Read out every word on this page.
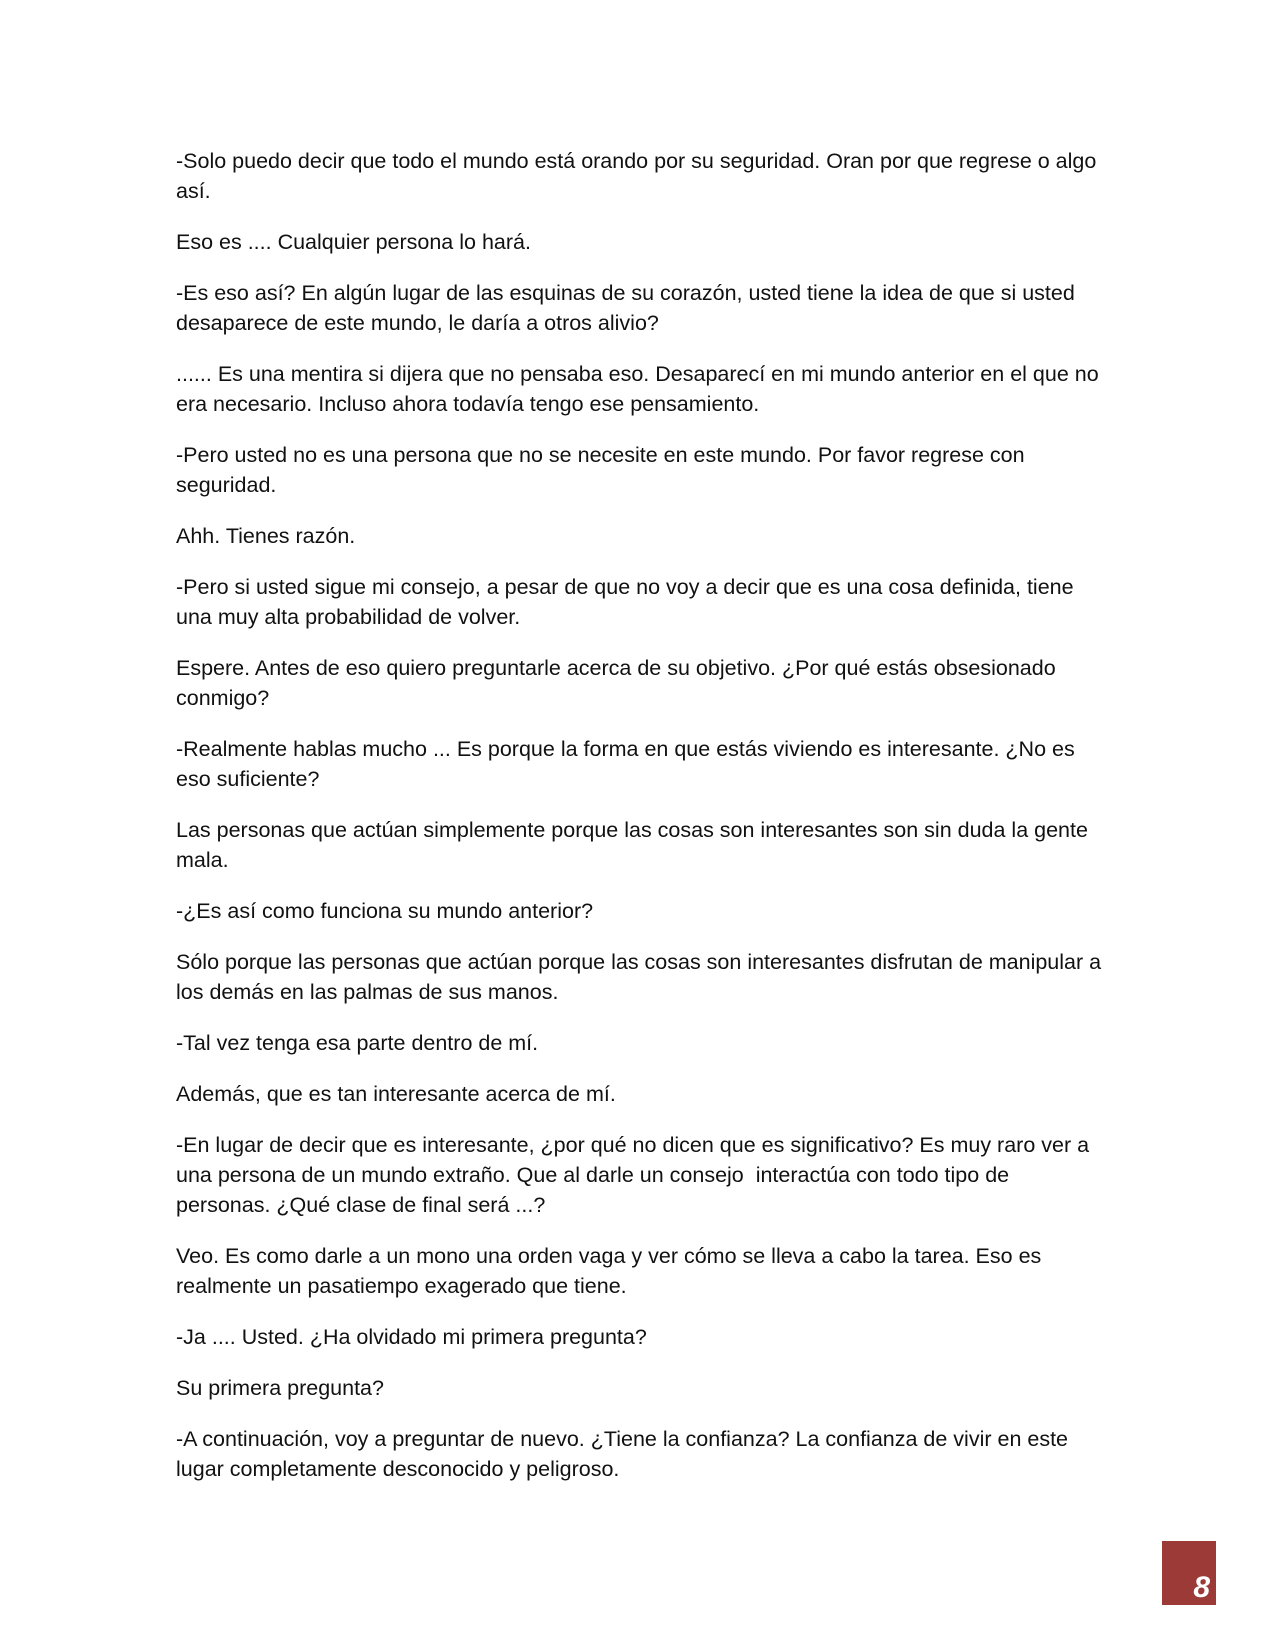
-Solo puedo decir que todo el mundo está orando por su seguridad. Oran por que regrese o algo así.

Eso es .... Cualquier persona lo hará.

-Es eso así? En algún lugar de las esquinas de su corazón, usted tiene la idea de que si usted desaparece de este mundo, le daría a otros alivio?

...... Es una mentira si dijera que no pensaba eso. Desaparecí en mi mundo anterior en el que no era necesario. Incluso ahora todavía tengo ese pensamiento.

-Pero usted no es una persona que no se necesite en este mundo. Por favor regrese con seguridad.

Ahh. Tienes razón.

-Pero si usted sigue mi consejo, a pesar de que no voy a decir que es una cosa definida, tiene una muy alta probabilidad de volver.

Espere. Antes de eso quiero preguntarle acerca de su objetivo. ¿Por qué estás obsesionado conmigo?

-Realmente hablas mucho ... Es porque la forma en que estás viviendo es interesante. ¿No es eso suficiente?

Las personas que actúan simplemente porque las cosas son interesantes son sin duda la gente mala.

-¿Es así como funciona su mundo anterior?

Sólo porque las personas que actúan porque las cosas son interesantes disfrutan de manipular a los demás en las palmas de sus manos.

-Tal vez tenga esa parte dentro de mí.

Además, que es tan interesante acerca de mí.

-En lugar de decir que es interesante, ¿por qué no dicen que es significativo? Es muy raro ver a una persona de un mundo extraño. Que al darle un consejo  interactúa con todo tipo de personas. ¿Qué clase de final será ...?

Veo. Es como darle a un mono una orden vaga y ver cómo se lleva a cabo la tarea. Eso es realmente un pasatiempo exagerado que tiene.

-Ja .... Usted. ¿Ha olvidado mi primera pregunta?

Su primera pregunta?

-A continuación, voy a preguntar de nuevo. ¿Tiene la confianza? La confianza de vivir en este lugar completamente desconocido y peligroso.

8
